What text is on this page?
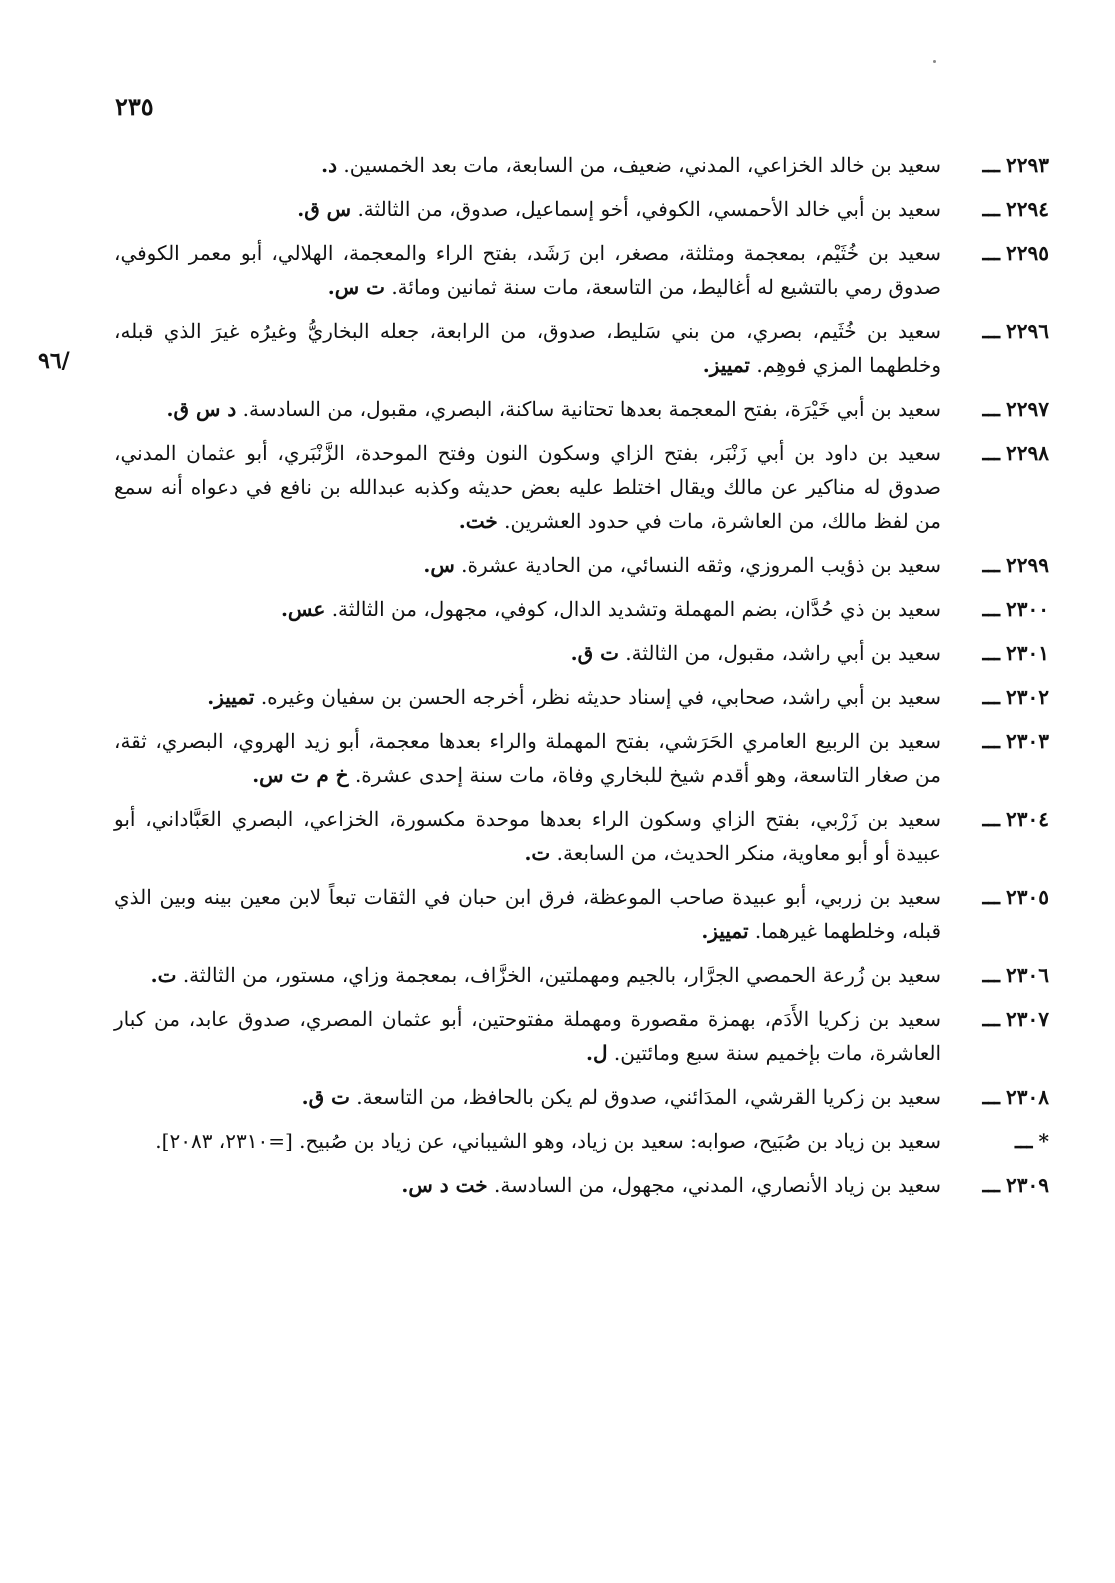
٢٣٥
/٩٦
٢٢٩٣ـــ
سعيد بن خالد الخزاعي، المدني، ضعيف، من السابعة، مات بعد الخمسين. د.
٢٢٩٤ـــ
سعيد بن أبي خالد الأحمسي، الكوفي، أخو إسماعيل، صدوق، من الثالثة. س ق.
٢٢٩٥ـــ
سعيد بن خُثَيْم، بمعجمة ومثلثة، مصغر، ابن رَشَد، بفتح الراء والمعجمة، الهلالي، أبو معمر الكوفي، صدوق رمي بالتشيع له أغاليط، من التاسعة، مات سنة ثمانين ومائة. ت س.
٢٢٩٦ـــ
سعيد بن خُثَيم، بصري، من بني سَليط، صدوق، من الرابعة، جعله البخاريُّ وغيرُه غيرَ الذي قبله، وخلطهما المزي فوهِم. تمييز.
٢٢٩٧ـــ
سعيد بن أبي خَيْرَة، بفتح المعجمة بعدها تحتانية ساكنة، البصري، مقبول، من السادسة. د س ق.
٢٢٩٨ـــ
سعيد بن داود بن أبي زَنْبَر، بفتح الزاي وسكون النون وفتح الموحدة، الزَّنْبَري، أبو عثمان المدني، صدوق له مناكير عن مالك ويقال اختلط عليه بعض حديثه وكذبه عبدالله بن نافع في دعواه أنه سمع من لفظ مالك، من العاشرة، مات في حدود العشرين. خت.
٢٢٩٩ـــ
سعيد بن ذؤيب المروزي، وثقه النسائي، من الحادية عشرة. س.
٢٣٠٠ـــ
سعيد بن ذي حُدَّان، بضم المهملة وتشديد الدال، كوفي، مجهول، من الثالثة. عس.
٢٣٠١ـــ
سعيد بن أبي راشد، مقبول، من الثالثة. ت ق.
٢٣٠٢ـــ
سعيد بن أبي راشد، صحابي، في إسناد حديثه نظر، أخرجه الحسن بن سفيان وغيره. تمييز.
٢٣٠٣ـــ
سعيد بن الربيع العامري الحَرَشي، بفتح المهملة والراء بعدها معجمة، أبو زيد الهروي، البصري، ثقة، من صغار التاسعة، وهو أقدم شيخ للبخاري وفاة، مات سنة إحدى عشرة. خ م ت س.
٢٣٠٤ـــ
سعيد بن زَرْبي، بفتح الزاي وسكون الراء بعدها موحدة مكسورة، الخزاعي، البصري العَبَّاداني، أبو عبيدة أو أبو معاوية، منكر الحديث، من السابعة. ت.
٢٣٠٥ـــ
سعيد بن زربي، أبو عبيدة صاحب الموعظة، فرق ابن حبان في الثقات تبعاً لابن معين بينه وبين الذي قبله، وخلطهما غيرهما. تمييز.
٢٣٠٦ـــ
سعيد بن زُرعة الحمصي الجرَّار، بالجيم ومهملتين، الخزَّاف، بمعجمة وزاي، مستور، من الثالثة. ت.
٢٣٠٧ـــ
سعيد بن زكريا الأَدَم، بهمزة مقصورة ومهملة مفتوحتين، أبو عثمان المصري، صدوق عابد، من كبار العاشرة، مات بإخميم سنة سبع ومائتين. ل.
٢٣٠٨ـــ
سعيد بن زكريا القرشي، المدَائني، صدوق لم يكن بالحافظ، من التاسعة. ت ق.
*ـــ
سعيد بن زياد بن صُبَيح، صوابه: سعيد بن زياد، وهو الشيباني، عن زياد بن صُبيح. [=٢٣١٠، ٢٠٨٣].
٢٣٠٩ـــ
سعيد بن زياد الأنصاري، المدني، مجهول، من السادسة. خت د س.
